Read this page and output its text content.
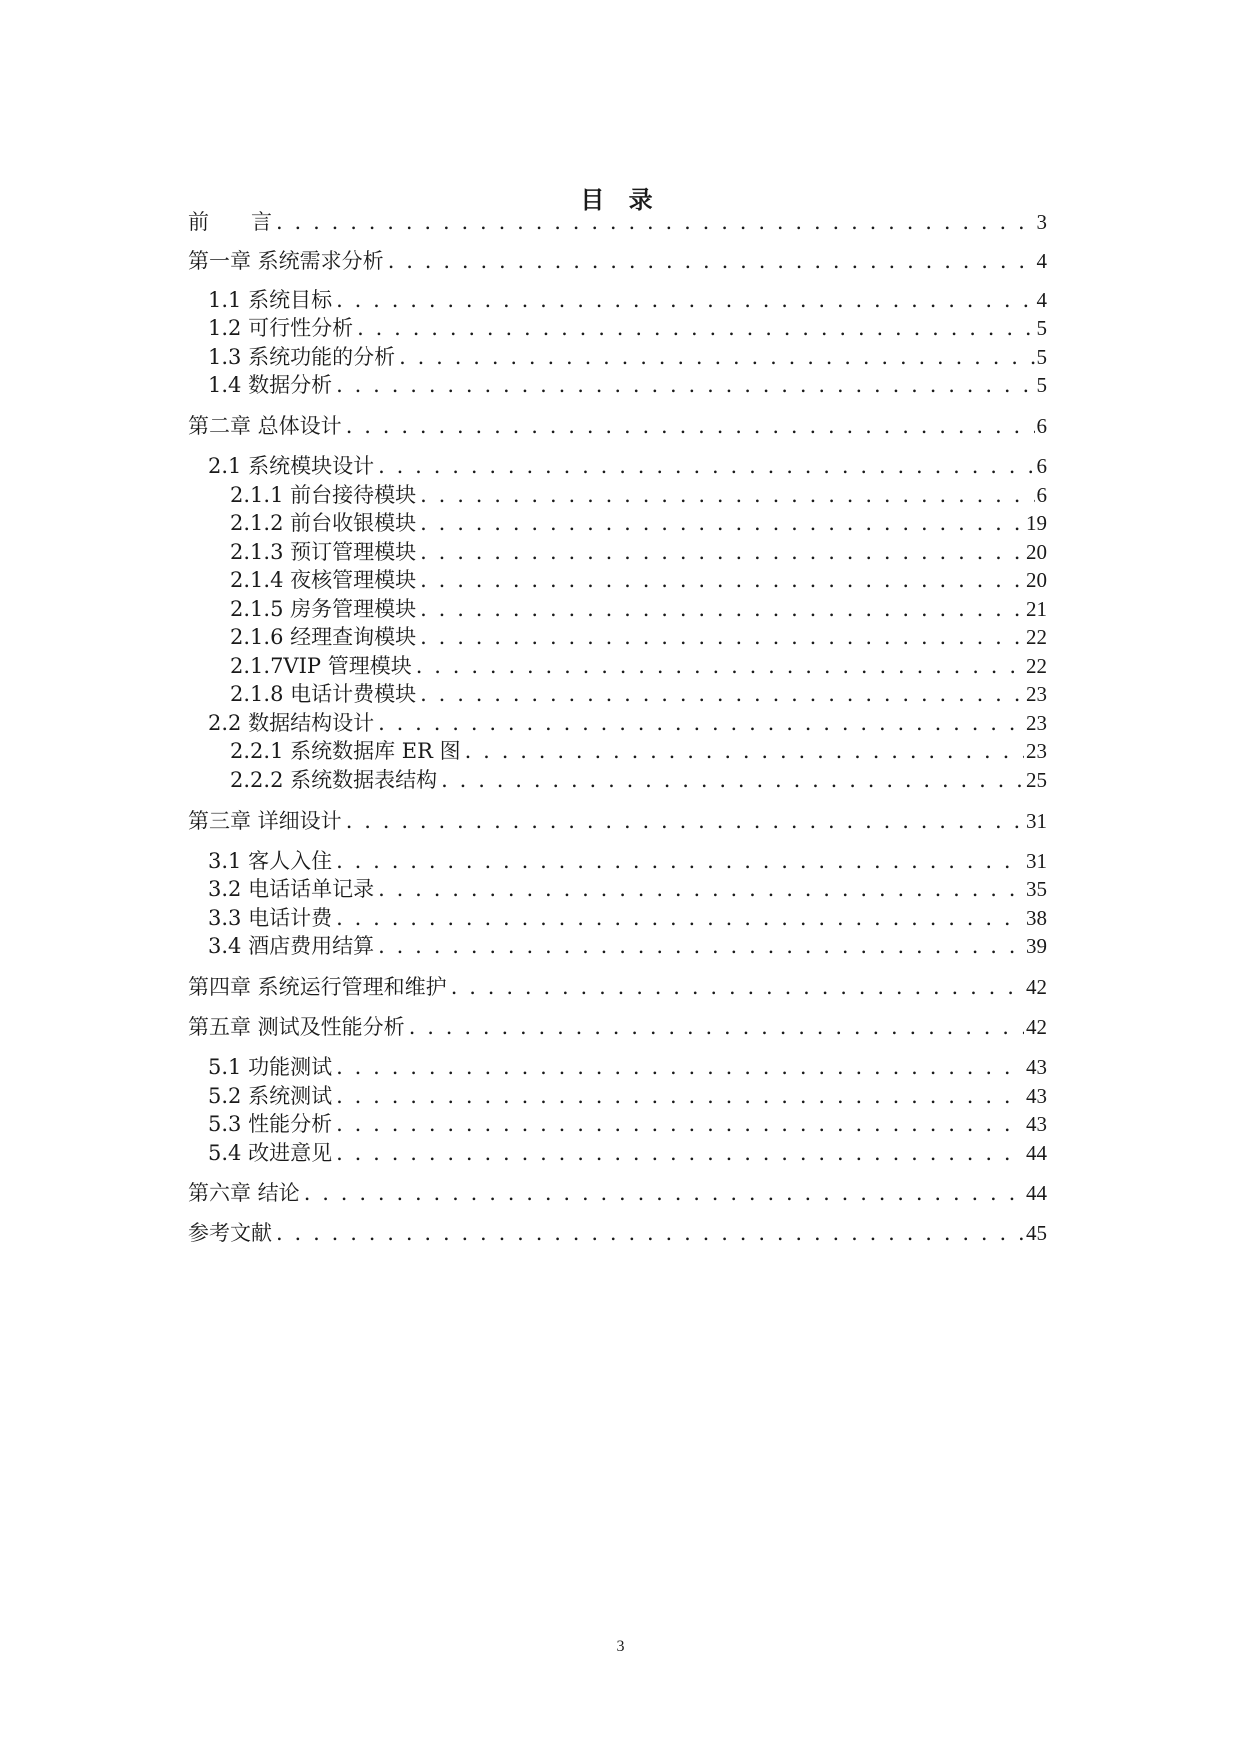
目 录
前　　言 . . .	3
第一章 系统需求分析 . . .	4
1.1 系统目标 . . .	4
1.2 可行性分析 . . .	5
1.3 系统功能的分析 . . .	5
1.4 数据分析 . . .	5
第二章 总体设计 . . .	6
2.1 系统模块设计 . . .	6
2.1.1 前台接待模块 . . .	6
2.1.2 前台收银模块 . . .	19
2.1.3 预订管理模块 . . .	20
2.1.4 夜核管理模块 . . .	20
2.1.5 房务管理模块 . . .	21
2.1.6 经理查询模块 . . .	22
2.1.7VIP 管理模块 . . .	22
2.1.8 电话计费模块 . . .	23
2.2 数据结构设计 . . .	23
2.2.1 系统数据库 ER 图 . . .	23
2.2.2 系统数据表结构 . . .	25
第三章 详细设计 . . .	31
3.1 客人入住 . . .	31
3.2 电话话单记录 . . .	35
3.3 电话计费 . . .	38
3.4 酒店费用结算 . . .	39
第四章 系统运行管理和维护 . . .	42
第五章 测试及性能分析 . . .	42
5.1 功能测试 . . .	43
5.2 系统测试 . . .	43
5.3 性能分析 . . .	43
5.4 改进意见 . . .	44
第六章 结论 . . .	44
参考文献 . . .	45
3
